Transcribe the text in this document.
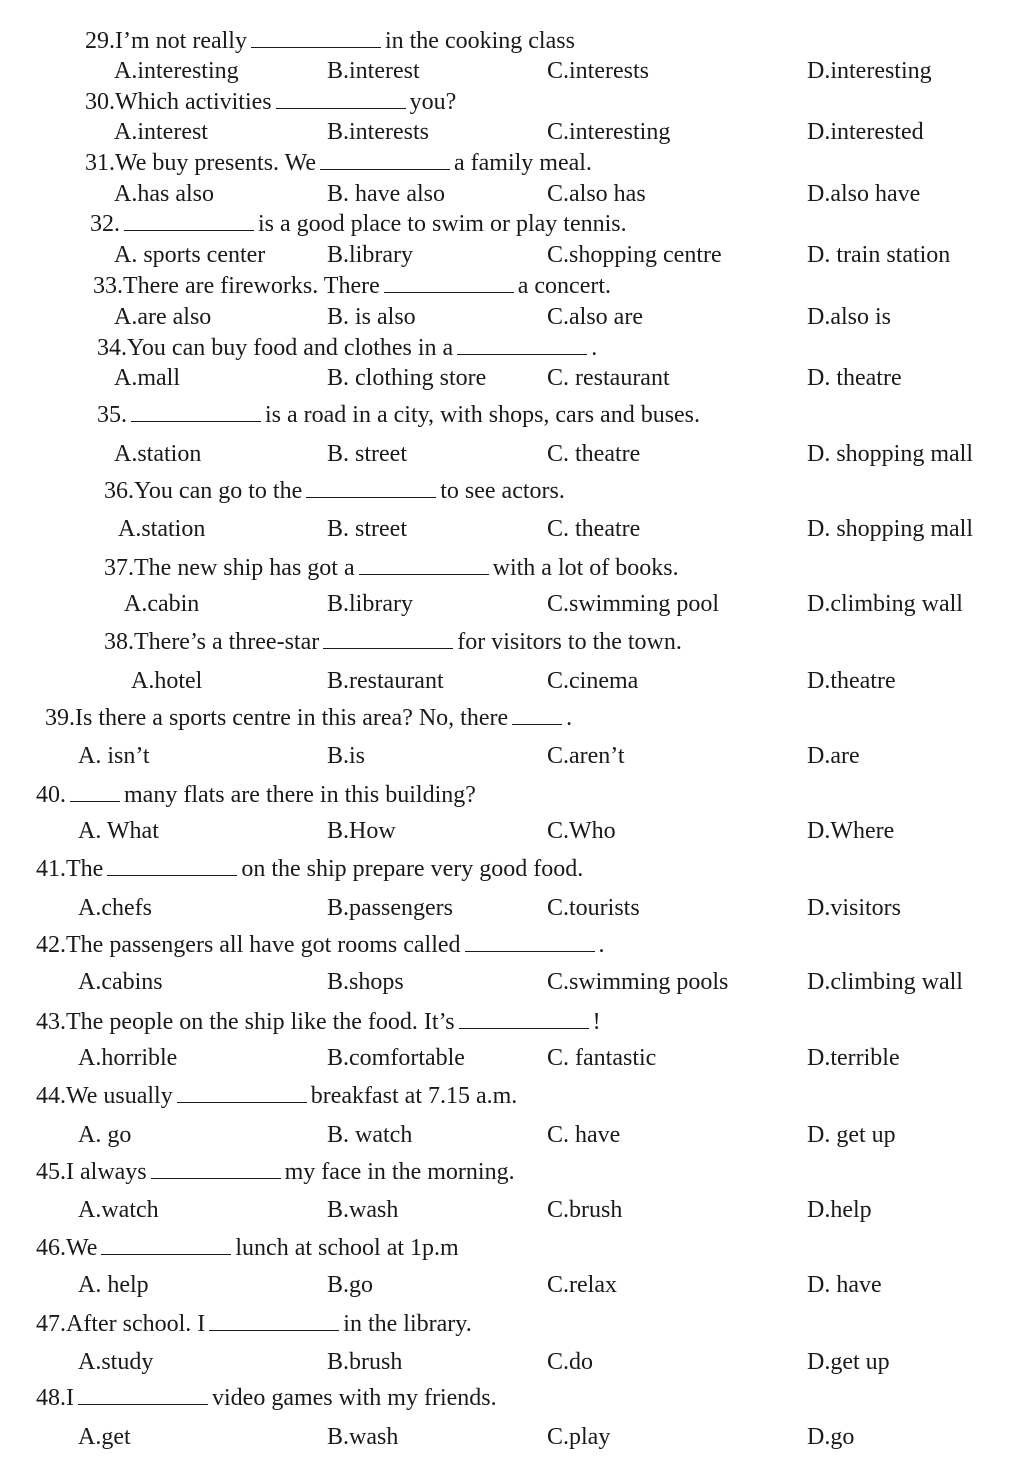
29.I’m not really	in the cooking class
A.interesting	B.interest	C.interests	D.interesting
30.Which activities	you?
A.interest	B.interests	C.interesting	D.interested
31.We buy presents. We	a family meal.
A.has also	B. have also	C.also has	D.also have
32.	is a good place to swim or play tennis.
A. sports center	B.library	C.shopping centre	D. train station
33.There are fireworks. There	a concert.
A.are also	B. is also	C.also are	D.also is
34.You can buy food and clothes in a	.
A.mall	B. clothing store	C. restaurant	D. theatre
35.	is a road in a city, with shops, cars and buses.
A.station	B. street	C. theatre	D. shopping mall
36.You can go to the	to see actors.
A.station	B. street	C. theatre	D. shopping mall
37.The new ship has got a	with a lot of books.
A.cabin	B.library	C.swimming pool	D.climbing wall
38.There’s a three-star	for visitors to the town.
A.hotel	B.restaurant	C.cinema	D.theatre
39.Is there a sports centre in this area? No, there .
A. isn’t	B.is	C.aren’t	D.are
40. many flats are there in this building?
A. What	B.How	C.Who	D.Where
41.The	on the ship prepare very good food.
A.chefs	B.passengers	C.tourists	D.visitors
42.The passengers all have got rooms called	.
A.cabins	B.shops	C.swimming pools	D.climbing wall
43.The people on the ship like the food. It’s	!
A.horrible	B.comfortable	C. fantastic	D.terrible
44.We usually	breakfast at 7.15 a.m.
A. go	B. watch	C. have	D. get up
45.I always	my face in the morning.
A.watch	B.wash	C.brush	D.help
46.We	lunch at school at 1p.m
A. help	B.go	C.relax	D. have
47.After school. I	in the library.
A.study	B.brush	C.do	D.get up
48.I	video games with my friends.
A.get	B.wash	C.play	D.go
